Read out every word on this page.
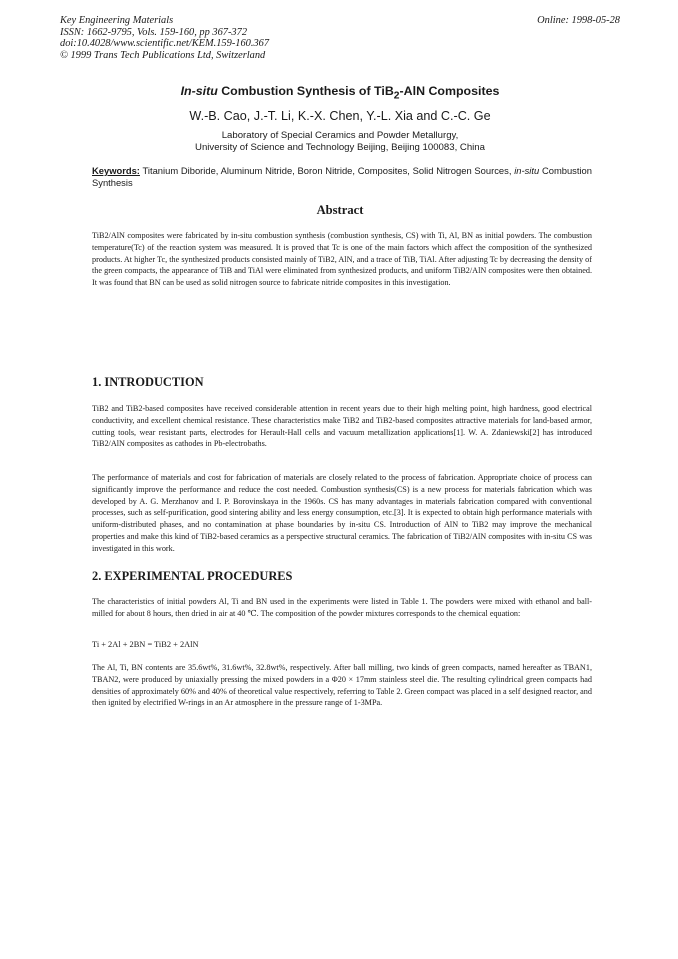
Key Engineering Materials
ISSN: 1662-9795, Vols. 159-160, pp 367-372
doi:10.4028/www.scientific.net/KEM.159-160.367
© 1999 Trans Tech Publications Ltd, Switzerland
Online: 1998-05-28
In-situ Combustion Synthesis of TiB$_2$-AlN Composites
W.-B. Cao, J.-T. Li, K.-X. Chen, Y.-L. Xia and C.-C. Ge
Laboratory of Special Ceramics and Powder Metallurgy,
University of Science and Technology Beijing, Beijing 100083, China
Keywords: Titanium Diboride, Aluminum Nitride, Boron Nitride, Composites, Solid Nitrogen Sources, in-situ Combustion Synthesis
Abstract
TiB2/AlN composites were fabricated by in-situ combustion synthesis (combustion synthesis, CS) with Ti, Al, BN as initial powders. The combustion temperature(Tc) of the reaction system was measured. It is proved that Tc is one of the main factors which affect the composition of the synthesized products. At higher Tc, the synthesized products consisted mainly of TiB2, AlN, and a trace of TiB, TiAl. After adjusting Tc by decreasing the density of the green compacts, the appearance of TiB and TiAl were eliminated from synthesized products, and uniform TiB2/AlN composites were then obtained. It was found that BN can be used as solid nitrogen source to fabricate nitride composites in this investigation.
1. INTRODUCTION
TiB2 and TiB2-based composites have received considerable attention in recent years due to their high melting point, high hardness, good electrical conductivity, and excellent chemical resistance. These characteristics make TiB2 and TiB2-based composites attractive materials for land-based armor, cutting tools, wear resistant parts, electrodes for Herault-Hall cells and vacuum metallization applications[1]. W. A. Zdaniewski[2] has introduced TiB2/AlN composites as cathodes in Pb-electrobaths.
The performance of materials and cost for fabrication of materials are closely related to the process of fabrication. Appropriate choice of process can significantly improve the performance and reduce the cost needed. Combustion synthesis(CS) is a new process for materials fabrication which was developed by A. G. Merzhanov and I. P. Borovinskaya in the 1960s. CS has many advantages in materials fabrication compared with conventional processes, such as self-purification, good sintering ability and less energy consumption, etc.[3]. It is expected to obtain high performance materials with uniform-distributed phases, and no contamination at phase boundaries by in-situ CS. Introduction of AlN to TiB2 may improve the mechanical properties and make this kind of TiB2-based ceramics as a perspective structural ceramics. The fabrication of TiB2/AlN composites with in-situ CS was investigated in this work.
2. EXPERIMENTAL PROCEDURES
The characteristics of initial powders Al, Ti and BN used in the experiments were listed in Table 1. The powders were mixed with ethanol and ball-milled for about 8 hours, then dried in air at 40 ℃. The composition of the powder mixtures corresponds to the chemical equation:
Ti + 2Al + 2BN = TiB2 + 2AlN
The Al, Ti, BN contents are 35.6wt%, 31.6wt%, 32.8wt%, respectively. After ball milling, two kinds of green compacts, named hereafter as TBAN1, TBAN2, were produced by uniaxially pressing the mixed powders in a Φ20 × 17mm stainless steel die. The resulting cylindrical green compacts had densities of approximately 60% and 40% of theoretical value respectively, referring to Table 2. Green compact was placed in a self designed reactor, and then ignited by electrified W-rings in an Ar atmosphere in the pressure range of 1-3MPa.
